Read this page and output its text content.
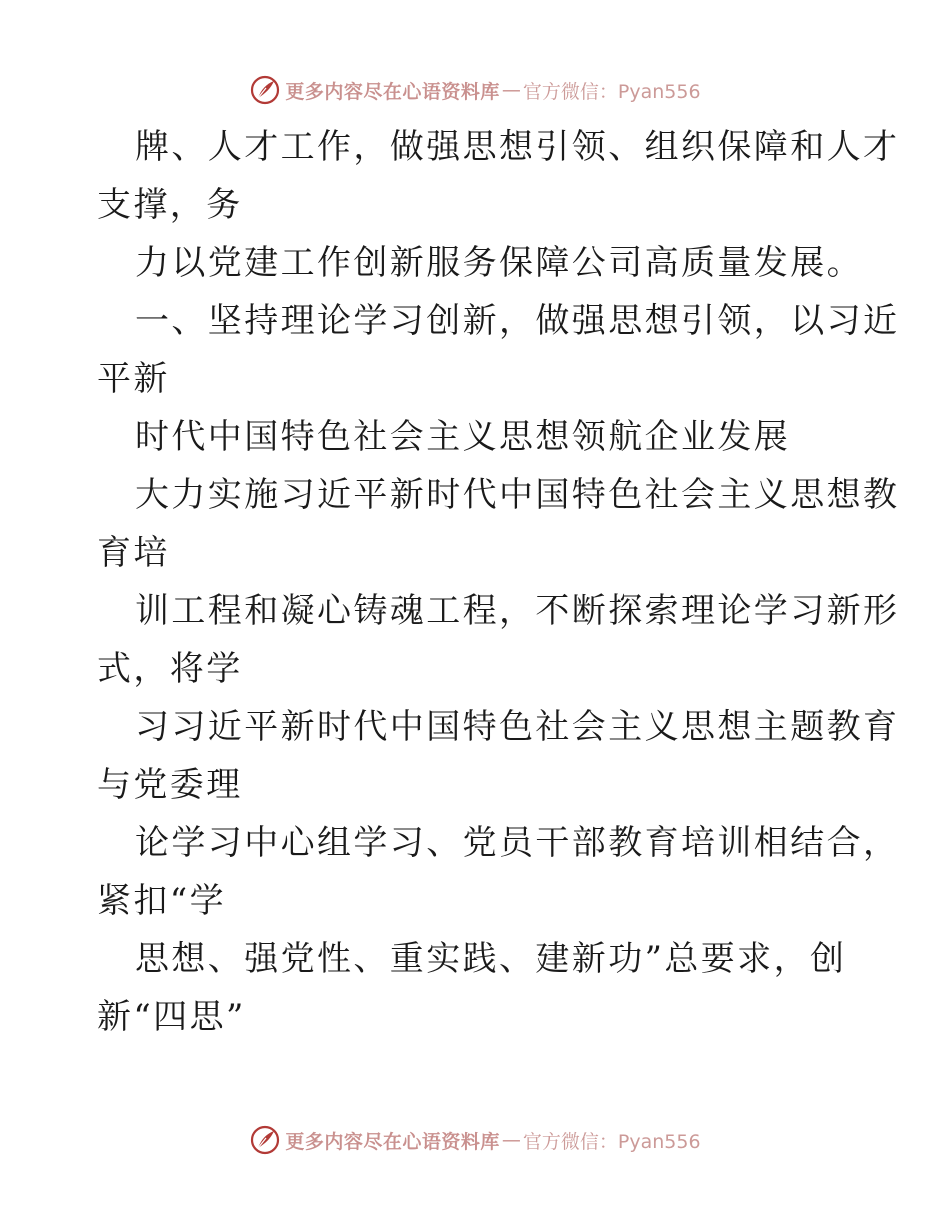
更多内容尽在心语资料库 — 官方微信：Pyan556
牌、人才工作，做强思想引领、组织保障和人才
支撑，务
力以党建工作创新服务保障公司高质量发展。
一、坚持理论学习创新，做强思想引领，以习近
平新
时代中国特色社会主义思想领航企业发展
大力实施习近平新时代中国特色社会主义思想教
育培
训工程和凝心铸魂工程，不断探索理论学习新形
式，将学
习习近平新时代中国特色社会主义思想主题教育
与党委理
论学习中心组学习、党员干部教育培训相结合，
紧扣“学
思想、强党性、重实践、建新功”总要求，创
新“四思”
更多内容尽在心语资料库 — 官方微信：Pyan556
